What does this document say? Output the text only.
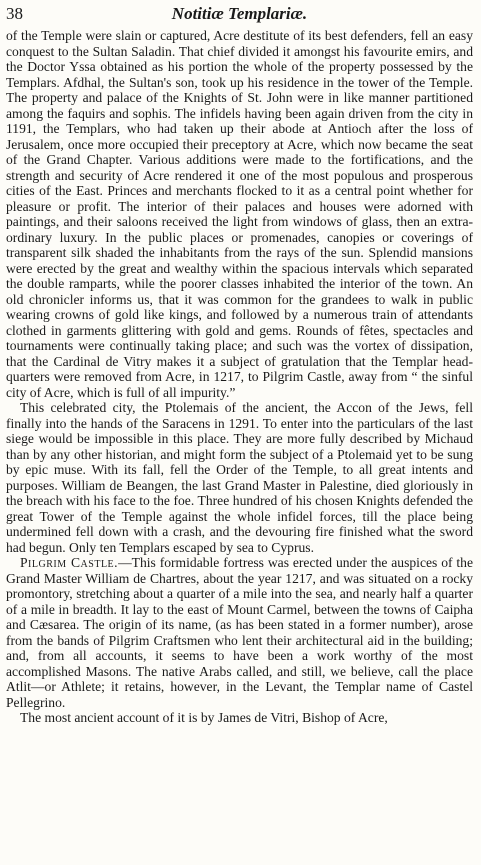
38	Notitiæ Templariæ.

of the Temple were slain or captured, Acre destitute of its best defenders, fell an easy conquest to the Sultan Saladin. That chief divided it amongst his favourite emirs, and the Doctor Yssa obtained as his portion the whole of the property possessed by the Templars. Afdhal, the Sultan's son, took up his residence in the tower of the Temple. The property and palace of the Knights of St. John were in like manner partitioned among the faquirs and sophis. The infidels having been again driven from the city in 1191, the Templars, who had taken up their abode at Antioch after the loss of Jerusalem, once more occupied their preceptory at Acre, which now became the seat of the Grand Chapter. Various additions were made to the fortifications, and the strength and security of Acre rendered it one of the most populous and prosperous cities of the East. Princes and merchants flocked to it as a central point whether for pleasure or profit. The interior of their palaces and houses were adorned with paintings, and their saloons received the light from windows of glass, then an extra-ordinary luxury. In the public places or promenades, canopies or coverings of transparent silk shaded the inhabitants from the rays of the sun. Splendid mansions were erected by the great and wealthy within the spacious intervals which separated the double ramparts, while the poorer classes inhabited the interior of the town. An old chronicler informs us, that it was common for the grandees to walk in public wearing crowns of gold like kings, and followed by a numerous train of attendants clothed in garments glittering with gold and gems. Rounds of fêtes, spectacles and tournaments were continually taking place; and such was the vortex of dissipation, that the Cardinal de Vitry makes it a subject of gratulation that the Templar head-quarters were removed from Acre, in 1217, to Pilgrim Castle, away from “ the sinful city of Acre, which is full of all impurity.”

This celebrated city, the Ptolemais of the ancient, the Accon of the Jews, fell finally into the hands of the Saracens in 1291. To enter into the particulars of the last siege would be impossible in this place. They are more fully described by Michaud than by any other historian, and might form the subject of a Ptolemaid yet to be sung by epic muse. With its fall, fell the Order of the Temple, to all great intents and purposes. William de Beangen, the last Grand Master in Palestine, died gloriously in the breach with his face to the foe. Three hundred of his chosen Knights defended the great Tower of the Temple against the whole infidel forces, till the place being undermined fell down with a crash, and the devouring fire finished what the sword had begun. Only ten Templars escaped by sea to Cyprus.

Pilgrim Castle.—This formidable fortress was erected under the auspices of the Grand Master William de Chartres, about the year 1217, and was situated on a rocky promontory, stretching about a quarter of a mile into the sea, and nearly half a quarter of a mile in breadth. It lay to the east of Mount Carmel, between the towns of Caipha and Cæsarea. The origin of its name, (as has been stated in a former number), arose from the bands of Pilgrim Craftsmen who lent their architectural aid in the building; and, from all accounts, it seems to have been a work worthy of the most accomplished Masons. The native Arabs called, and still, we believe, call the place Atlit—or Athlete; it retains, however, in the Levant, the Templar name of Castel Pellegrino.

The most ancient account of it is by James de Vitri, Bishop of Acre,
